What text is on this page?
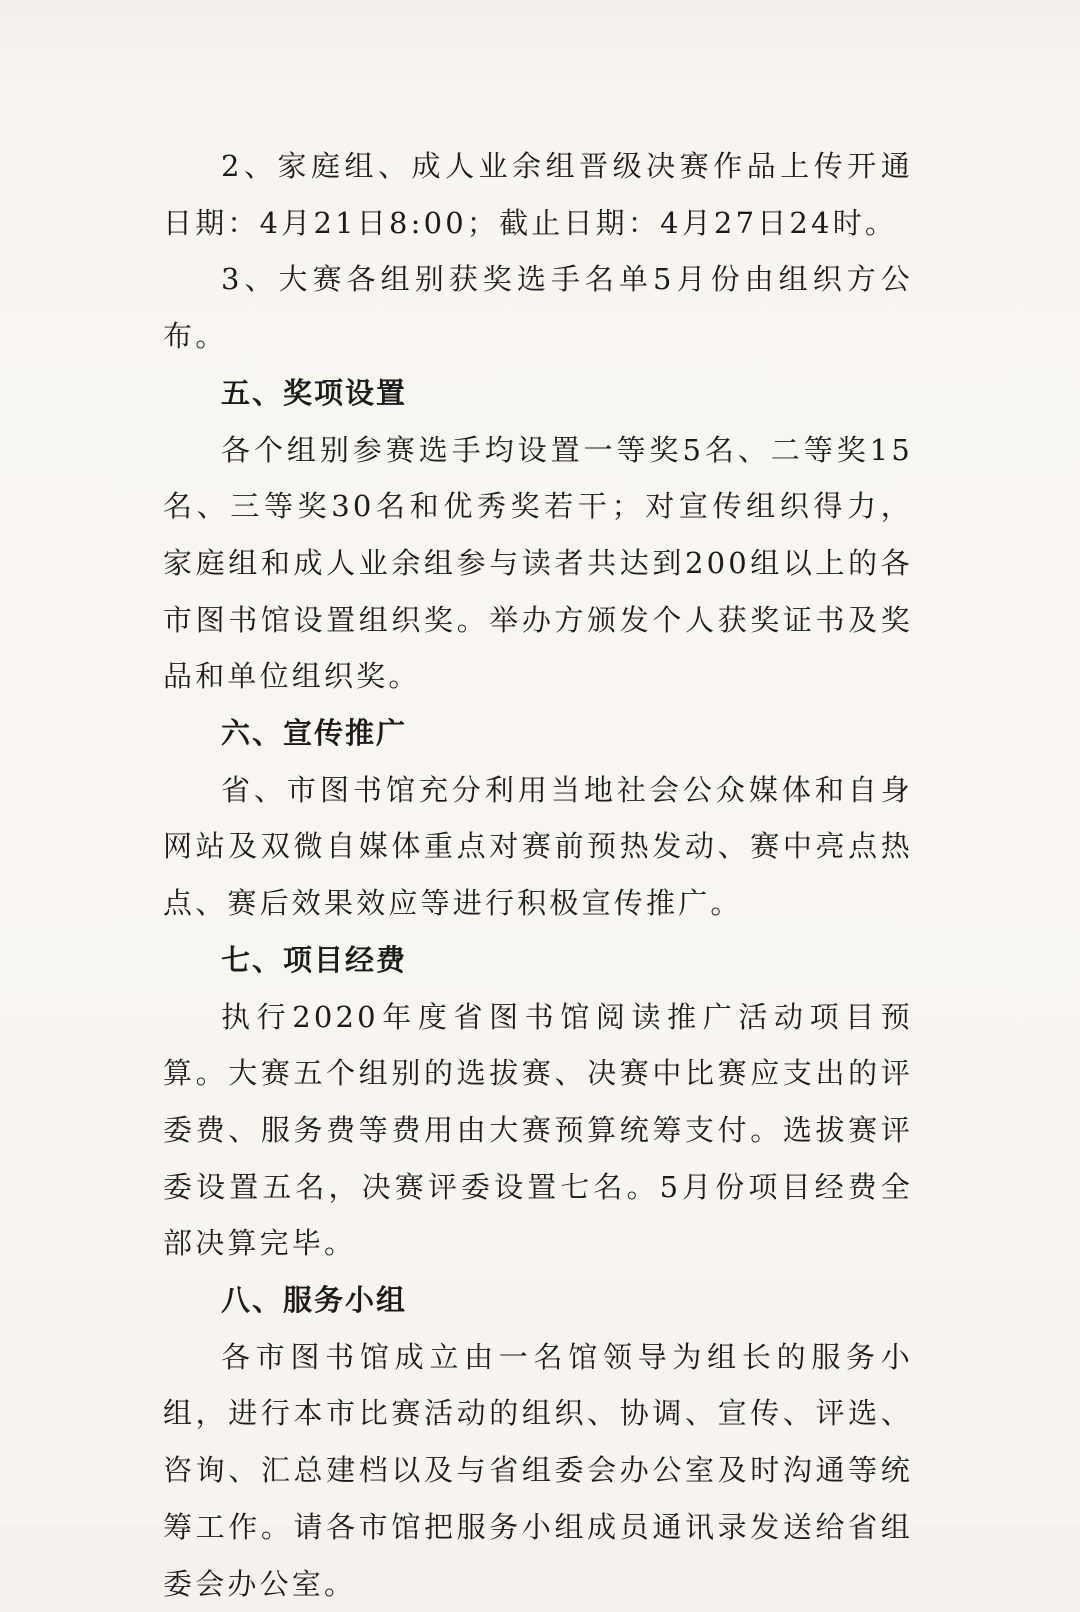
2、家庭组、成人业余组晋级决赛作品上传开通日期：4月21日8:00；截止日期：4月27日24时。

3、大赛各组别获奖选手名单5月份由组织方公布。

五、奖项设置

各个组别参赛选手均设置一等奖5名、二等奖15名、三等奖30名和优秀奖若干；对宣传组织得力，家庭组和成人业余组参与读者共达到200组以上的各市图书馆设置组织奖。举办方颁发个人获奖证书及奖品和单位组织奖。

六、宣传推广

省、市图书馆充分利用当地社会公众媒体和自身网站及双微自媒体重点对赛前预热发动、赛中亮点热点、赛后效果效应等进行积极宣传推广。

七、项目经费

执行2020年度省图书馆阅读推广活动项目预算。大赛五个组别的选拔赛、决赛中比赛应支出的评委费、服务费等费用由大赛预算统筹支付。选拔赛评委设置五名，决赛评委设置七名。5月份项目经费全部决算完毕。

八、服务小组

各市图书馆成立由一名馆领导为组长的服务小组，进行本市比赛活动的组织、协调、宣传、评选、咨询、汇总建档以及与省组委会办公室及时沟通等统筹工作。请各市馆把服务小组成员通讯录发送给省组委会办公室。
